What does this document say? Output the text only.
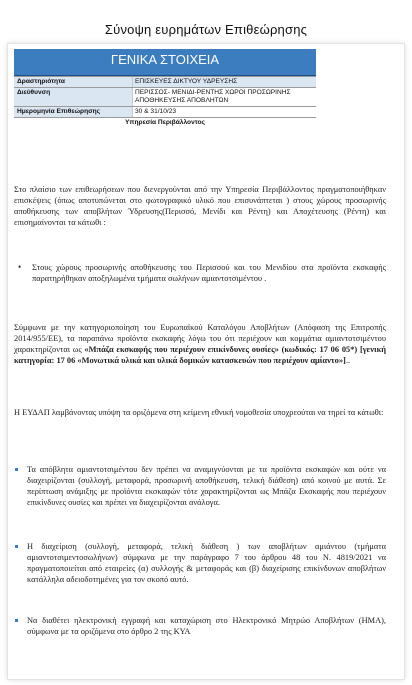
Σύνοψη ευρημάτων Επιθεώρησης
ΓΕΝΙΚΑ ΣΤΟΙΧΕΙΑ
Δραστηριότητα	ΕΠΙΣΚΕΥΕΣ ΔΙΚΤΥΟΥ ΥΔΡΕΥΣΗΣ
Διεύθυνση	ΠΕΡΙΣΣΟΣ- ΜΕΝΙΔΙ-ΡΕΝΤΗΣ ΧΩΡΟΙ ΠΡΟΣΩΡΙΝΗΣ ΑΠΟΘΗΚΕΥΣΗΣ ΑΠΟΒΛΗΤΩΝ
Ημερομηνία Επιθεώρησης	30 & 31/10/23
Υπηρεσία Περιβάλλοντος
Στο πλαίσιο των επιθεωρήσεων που διενεργούνται από την Υπηρεσία Περιβάλλοντος πραγματοποιήθηκαν επισκέψεις (όπως αποτυπώνεται στο φωτογραφικό υλικό που επισυνάπτεται ) στους χώρους προσωρινής αποθήκευσης των αποβλήτων Ύδρευσης(Περισσό, Μενίδι και Ρέντη) και Αποχέτευσης (Ρέντη) και επισημαίνονται τα κάτωθι :
• Στους χώρους προσωρινής αποθήκευσης του Περισσού και του Μενιδίου στα προϊόντα εκσκαφής παρατηρήθηκαν αποξηλωμένα τμήματα σωλήνων αμιαντοτσιμέντου .
Σύμφωνα με την κατηγοριοποίηση του Ευρωπαϊκού Καταλόγου Αποβλήτων (Απόφαση της Επιτροπής 2014/955/ΕΕ), τα παραπάνω προϊόντα εκσκαφής λόγω του ότι περιέχουν και κομμάτια αμιαντοτσιμέντου χαρακτηρίζονται ως «Μπάζα εκσκαφής που περιέχουν επικίνδυνες ουσίες» (κωδικός: 17 06 05*) [γενική κατηγορία: 17 06 «Μονωτικά υλικά και υλικά δομικών κατασκευών που περιέχουν αμίαντο»]..
Η ΕΥΔΑΠ λαμβάνοντας υπόψη τα οριζόμενα στη κείμενη εθνική νομοθεσία υποχρεούται να τηρεί τα κάτωθι:
Τα απόβλητα αμιαντοτσιμέντου δεν πρέπει να αναμιγνύονται με τα προϊόντα εκσκαφών και ούτε να διαχειρίζονται (συλλογή, μεταφορά, προσωρινή αποθήκευση, τελική διάθεση) από κοινού με αυτά. Σε περίπτωση ανάμιξης με προϊόντα εκσκαφών τότε χαρακτηρίζονται ως Μπάζα Εκσκαφής που περιέχουν επικίνδυνες ουσίες και πρέπει να διαχειρίζονται ανάλογα.
Η διαχείριση (συλλογή, μεταφορά, τελική διάθεση ) των αποβλήτων αμιάντου (τμήματα αμιαντοτσιμεντοσωλήνων) σύμφωνα με την παράγραφο 7 του άρθρου 48 του Ν. 4819/2021 να πραγματοποιείται από εταιρείες (α) συλλογής & μεταφοράς και (β) διαχείρισης επικίνδυνων αποβλήτων κατάλληλα αδειοδοτημένες για τον σκοπό αυτό.
Να διαθέτει ηλεκτρονική εγγραφή και καταχώριση στο Ηλεκτρονικό Μητρώο Αποβλήτων (ΗΜΑ), σύμφωνα με τα οριζόμενα στο άρθρο 2 της ΚΥΑ
